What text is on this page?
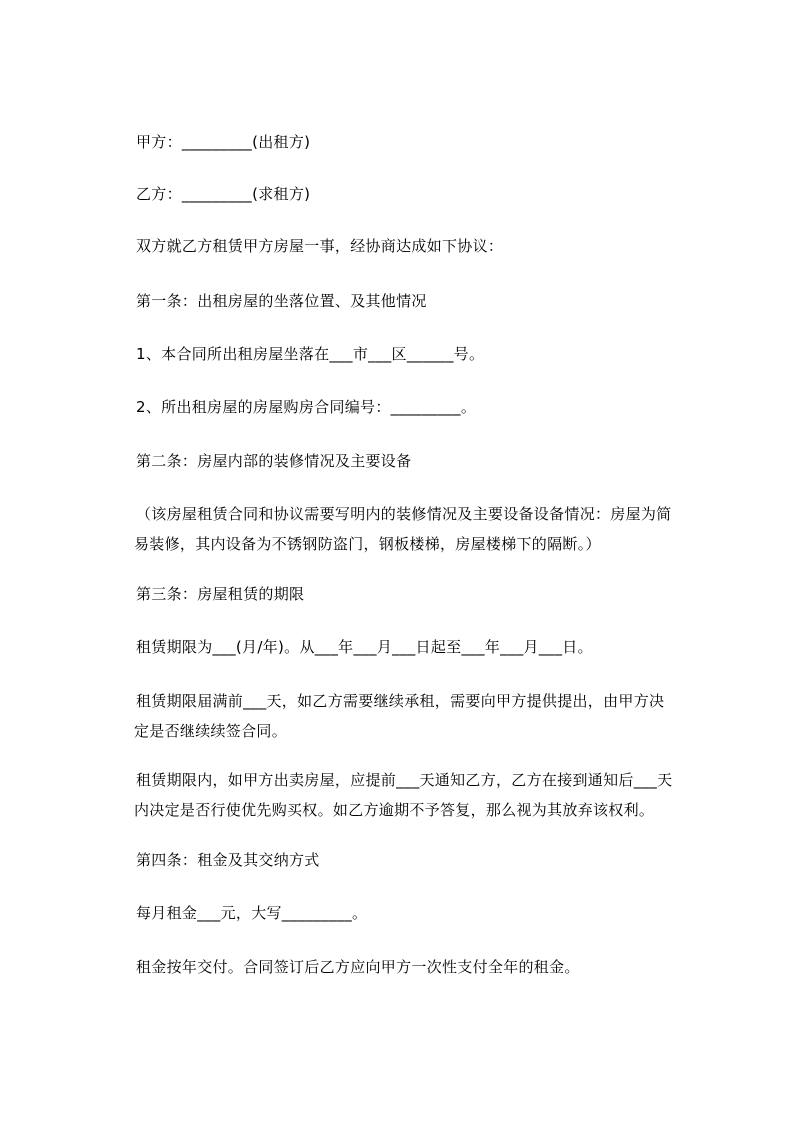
甲方：_________(出租方)
乙方：_________(求租方)
双方就乙方租赁甲方房屋一事，经协商达成如下协议：
第一条：出租房屋的坐落位置、及其他情况
1、本合同所出租房屋坐落在___市___区______号。
2、所出租房屋的房屋购房合同编号：_________。
第二条：房屋内部的装修情况及主要设备
（该房屋租赁合同和协议需要写明内的装修情况及主要设备设备情况：房屋为简
易装修，其内设备为不锈钢防盗门，钢板楼梯，房屋楼梯下的隔断。）
第三条：房屋租赁的期限
租赁期限为___(月/年)。从___年___月___日起至___年___月___日。
租赁期限届满前___天，如乙方需要继续承租，需要向甲方提供提出，由甲方决
定是否继续续签合同。
租赁期限内，如甲方出卖房屋，应提前___天通知乙方，乙方在接到通知后___天
内决定是否行使优先购买权。如乙方逾期不予答复，那么视为其放弃该权利。
第四条：租金及其交纳方式
每月租金___元，大写_________。
租金按年交付。合同签订后乙方应向甲方一次性支付全年的租金。
